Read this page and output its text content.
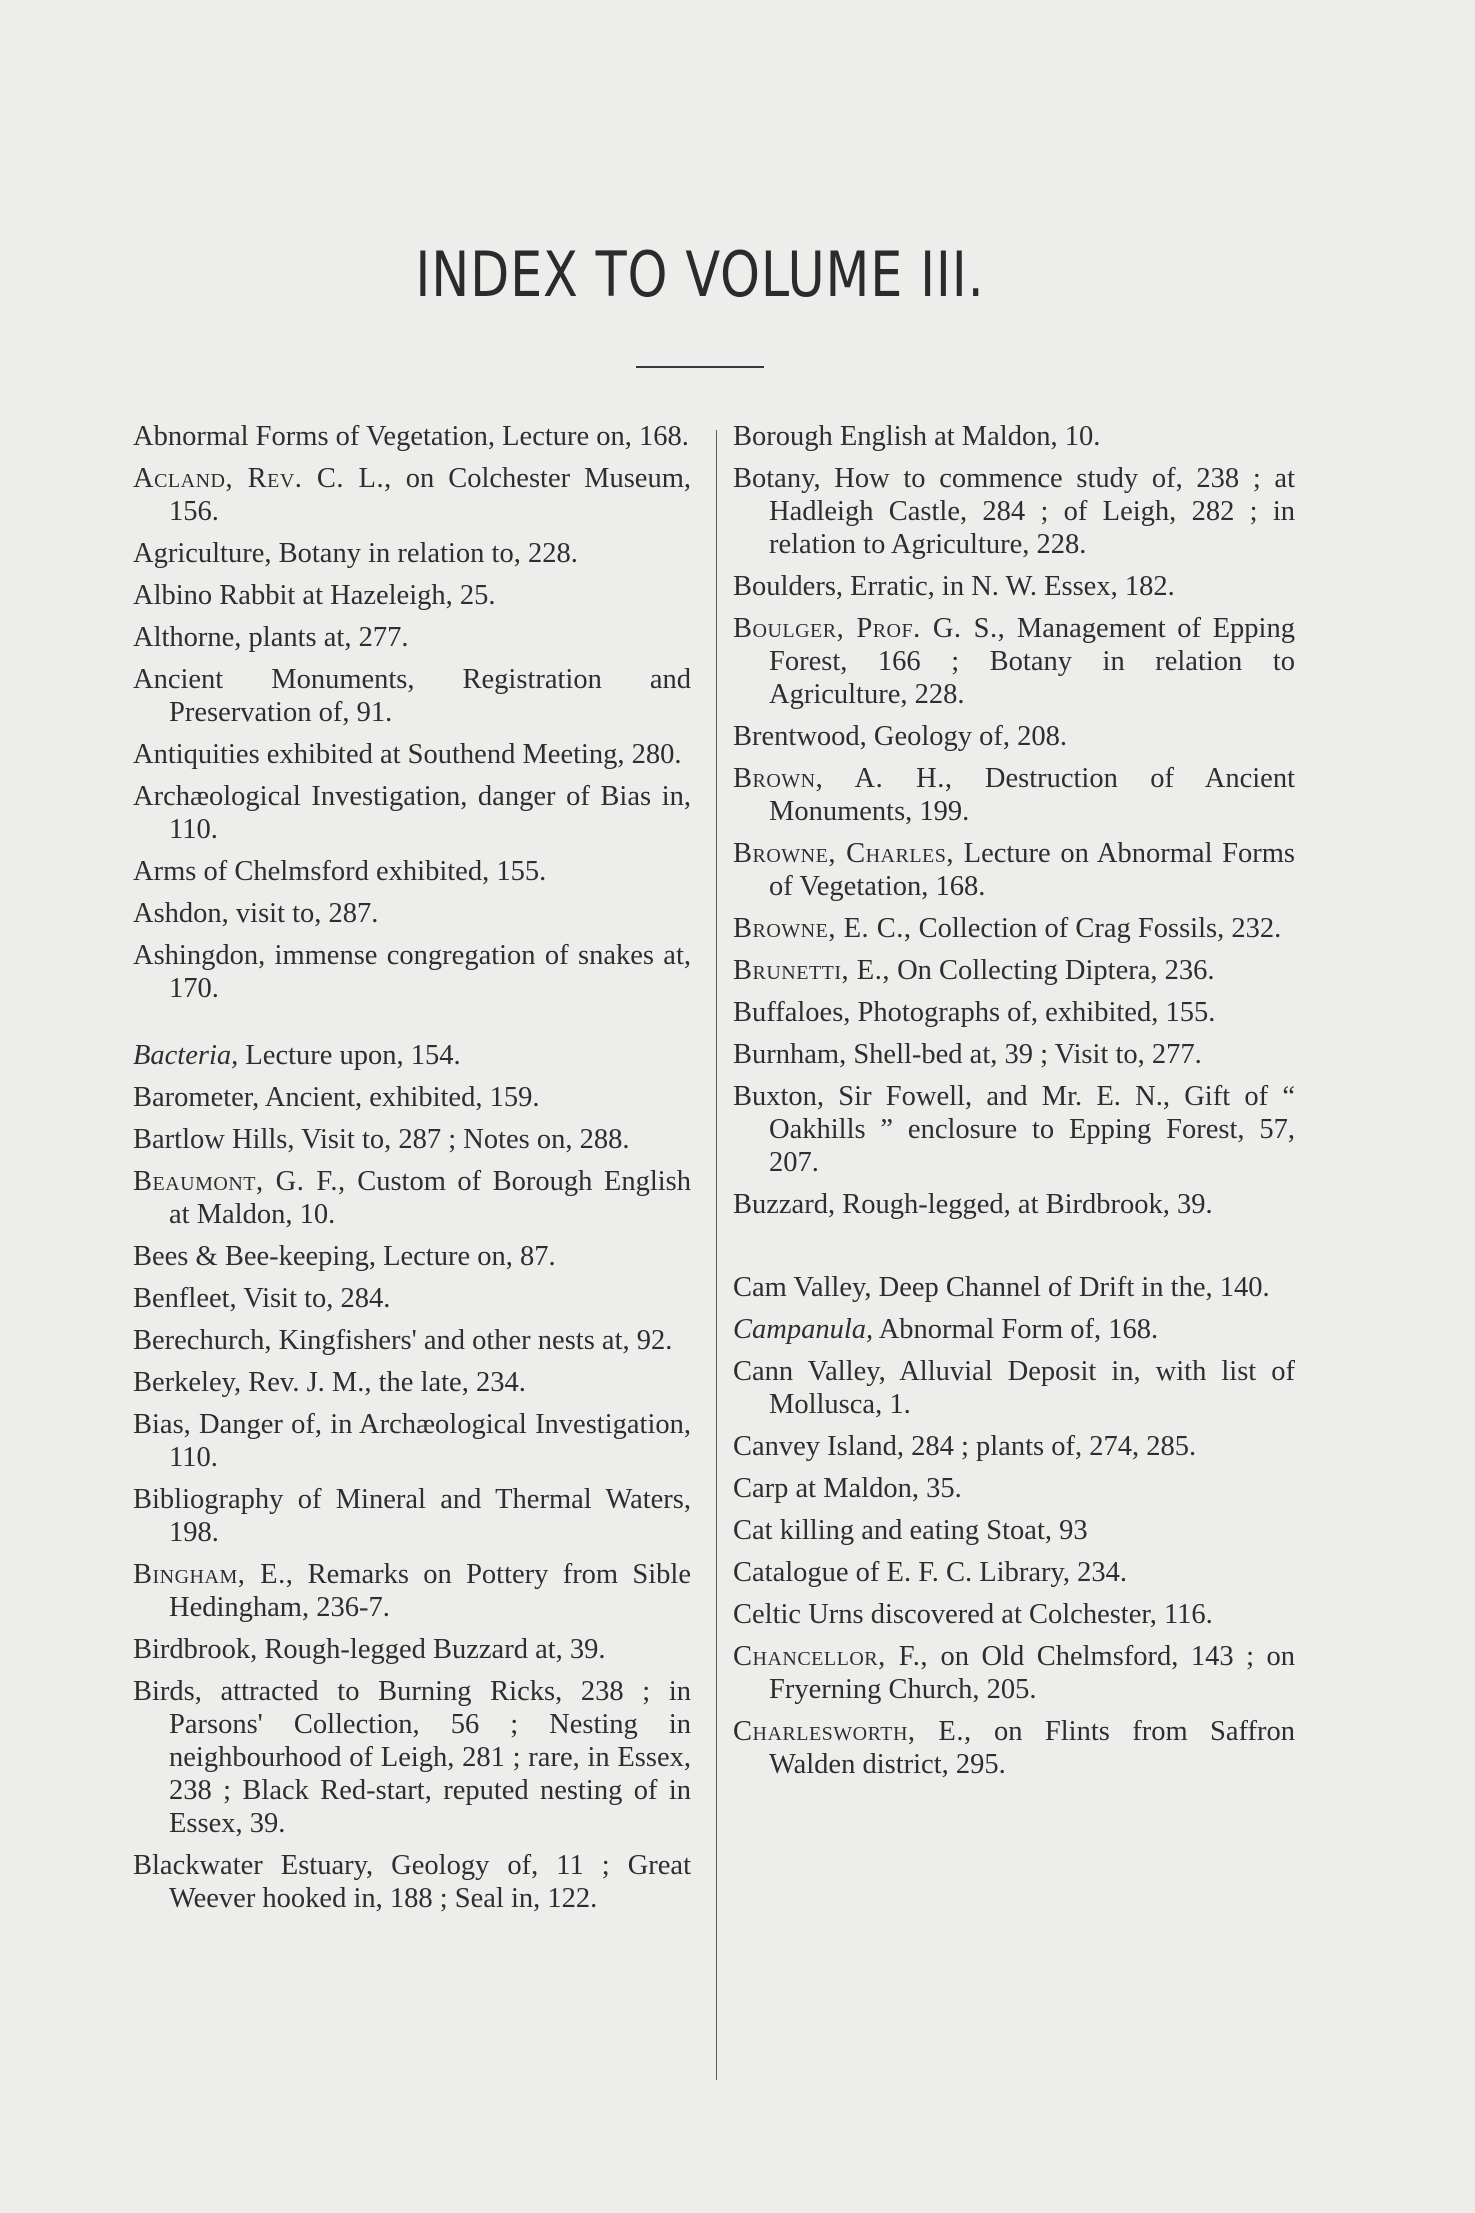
INDEX TO VOLUME III.

Abnormal Forms of Vegetation, Lecture on, 168.

Acland, Rev. C. L., on Colchester Museum, 156.

Agriculture, Botany in relation to, 228.

Albino Rabbit at Hazeleigh, 25.

Althorne, plants at, 277.

Ancient Monuments, Registration and Preservation of, 91.

Antiquities exhibited at Southend Meeting, 280.

Archæological Investigation, danger of Bias in, 110.

Arms of Chelmsford exhibited, 155.

Ashdon, visit to, 287.

Ashingdon, immense congregation of snakes at, 170.

Bacteria, Lecture upon, 154.

Barometer, Ancient, exhibited, 159.

Bartlow Hills, Visit to, 287 ; Notes on, 288.

Beaumont, G. F., Custom of Borough English at Maldon, 10.

Bees & Bee-keeping, Lecture on, 87.

Benfleet, Visit to, 284.

Berechurch, Kingfishers' and other nests at, 92.

Berkeley, Rev. J. M., the late, 234.

Bias, Danger of, in Archæological Investigation, 110.

Bibliography of Mineral and Thermal Waters, 198.

Bingham, E., Remarks on Pottery from Sible Hedingham, 236-7.

Birdbrook, Rough-legged Buzzard at, 39.

Birds, attracted to Burning Ricks, 238 ; in Parsons' Collection, 56 ; Nesting in neighbourhood of Leigh, 281 ; rare, in Essex, 238 ; Black Red-start, reputed nesting of in Essex, 39.

Blackwater Estuary, Geology of, 11 ; Great Weever hooked in, 188 ; Seal in, 122.

Borough English at Maldon, 10.

Botany, How to commence study of, 238 ; at Hadleigh Castle, 284 ; of Leigh, 282 ; in relation to Agriculture, 228.

Boulders, Erratic, in N. W. Essex, 182.

Boulger, Prof. G. S., Management of Epping Forest, 166 ; Botany in relation to Agriculture, 228.

Brentwood, Geology of, 208.

Brown, A. H., Destruction of Ancient Monuments, 199.

Browne, Charles, Lecture on Abnormal Forms of Vegetation, 168.

Browne, E. C., Collection of Crag Fossils, 232.

Brunetti, E., On Collecting Diptera, 236.

Buffaloes, Photographs of, exhibited, 155.

Burnham, Shell-bed at, 39 ; Visit to, 277.

Buxton, Sir Fowell, and Mr. E. N., Gift of “ Oakhills ” enclosure to Epping Forest, 57, 207.

Buzzard, Rough-legged, at Birdbrook, 39.

Cam Valley, Deep Channel of Drift in the, 140.

Campanula, Abnormal Form of, 168.

Cann Valley, Alluvial Deposit in, with list of Mollusca, 1.

Canvey Island, 284 ; plants of, 274, 285.

Carp at Maldon, 35.

Cat killing and eating Stoat, 93

Catalogue of E. F. C. Library, 234.

Celtic Urns discovered at Colchester, 116.

Chancellor, F., on Old Chelmsford, 143 ; on Fryerning Church, 205.

Charlesworth, E., on Flints from Saffron Walden district, 295.
